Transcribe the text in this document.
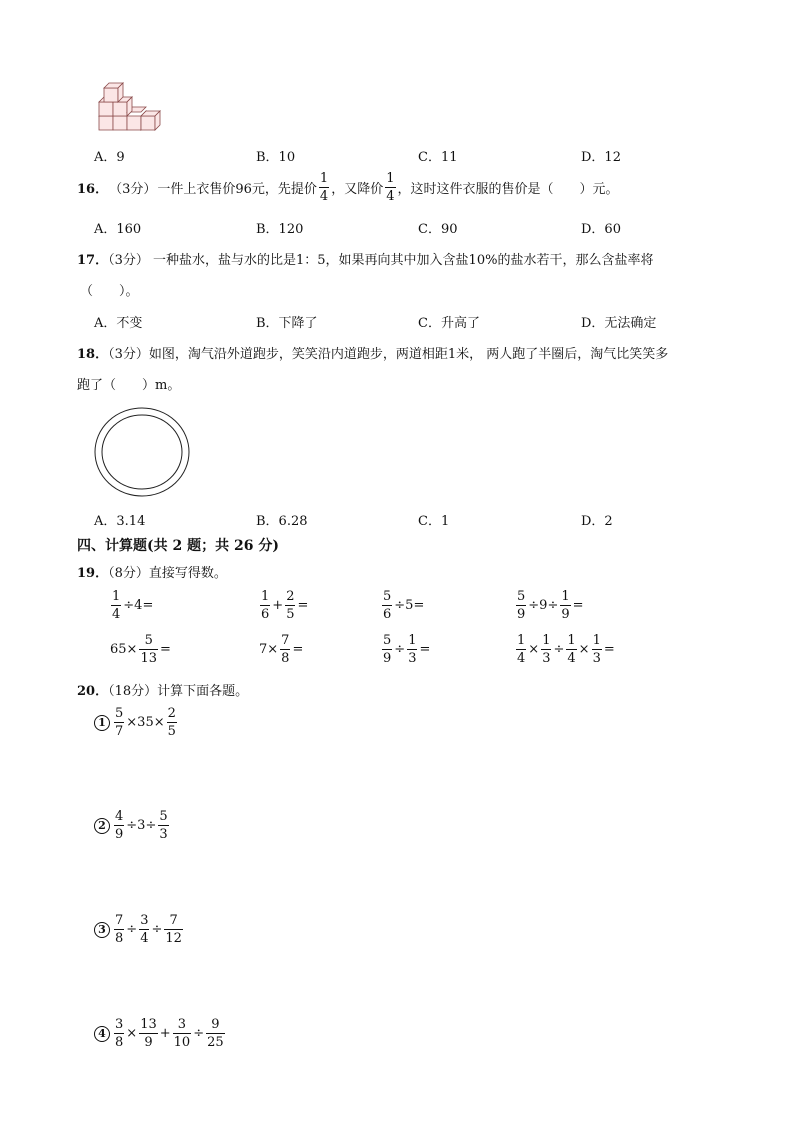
A．9	B．10	C．11	D．12
16． （3分） 一件上衣售价96元，先提价 $\frac{1}{4}$ ，又降价 $\frac{1}{4}$ ，这时这件衣服的售价是（　　）元。
A．160	B．120	C．90	D．60
17．（3分） 一种盐水，盐与水的比是1：5，如果再向其中加入含盐10%的盐水若干，那么含盐率将
（　　）。
A．不变	B．下降了	C．升高了	D．无法确定
18．（3分）如图，淘气沿外道跑步，笑笑沿内道跑步，两道相距1米， 两人跑了半圈后，淘气比笑笑多
跑了（　　）m。
A．3.14	B．6.28	C．1	D．2
四、计算题(共 2 题；共 26 分)
19．（8分）直接写得数。
$\frac{1}{4} \div 4=$	$\frac{1}{6} + \frac{2}{5}$ =	$\frac{5}{6} \div 5=$	$\frac{5}{9} \div 9\div \frac{1}{9}$ =
$65\times \frac{5}{13}$ =	$7\times \frac{7}{8}$ =	$\frac{5}{9} \div \frac{1}{3}$ =	$\frac{1}{4} \times \frac{1}{3} \div \frac{1}{4} \times \frac{1}{3}$ =
20．（18分）计算下面各题。
$1 \frac{5}{7} \times 35\times \frac{2}{5}$
$2 \frac{4}{9} \div 3\div \frac{5}{3}$
$3 \frac{7}{8} \div \frac{3}{4} \div \frac{7}{12}$
$4 \frac{3}{8} \times \frac{13}{9} + \frac{3}{10} \div \frac{9}{25}$
